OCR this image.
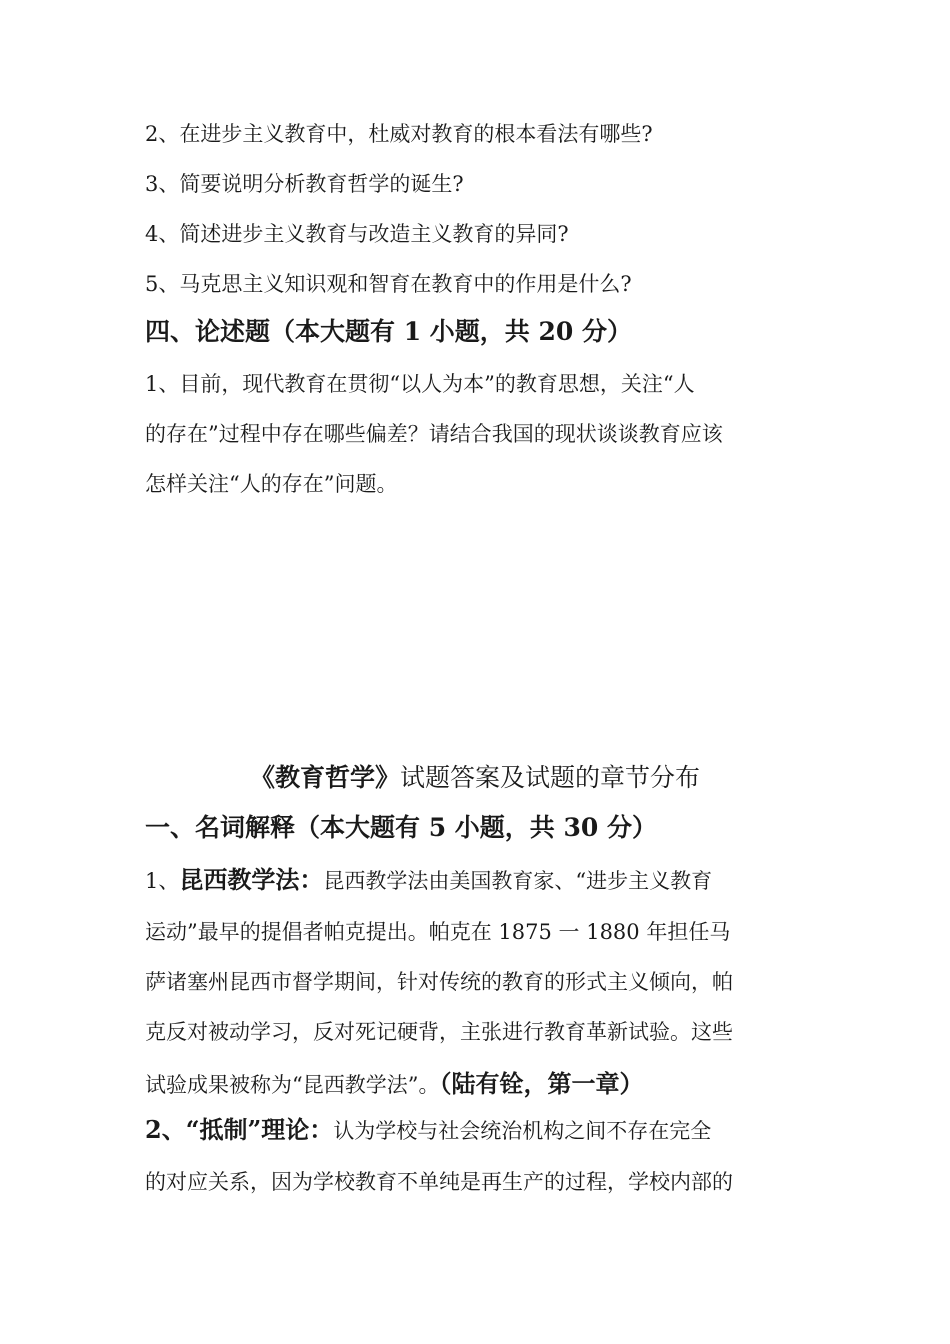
2、在进步主义教育中，杜威对教育的根本看法有哪些?
3、简要说明分析教育哲学的诞生?
4、简述进步主义教育与改造主义教育的异同?
5、马克思主义知识观和智育在教育中的作用是什么?
四、论述题（本大题有 1 小题，共 20 分）
1、目前，现代教育在贯彻“以人为本”的教育思想，关注“人
的存在”过程中存在哪些偏差？请结合我国的现状谈谈教育应该
怎样关注“人的存在”问题。
《教育哲学》试题答案及试题的章节分布
一、名词解释（本大题有 5 小题，共 30 分）
1、昆西教学法：昆西教学法由美国教育家、“进步主义教育
运动”最早的提倡者帕克提出。帕克在 1875 一 1880 年担任马
萨诸塞州昆西市督学期间，针对传统的教育的形式主义倾向，帕
克反对被动学习，反对死记硬背，主张进行教育革新试验。这些
试验成果被称为“昆西教学法”。（陆有铨，第一章）
2、“抵制”理论：认为学校与社会统治机构之间不存在完全
的对应关系，因为学校教育不单纯是再生产的过程，学校内部的
